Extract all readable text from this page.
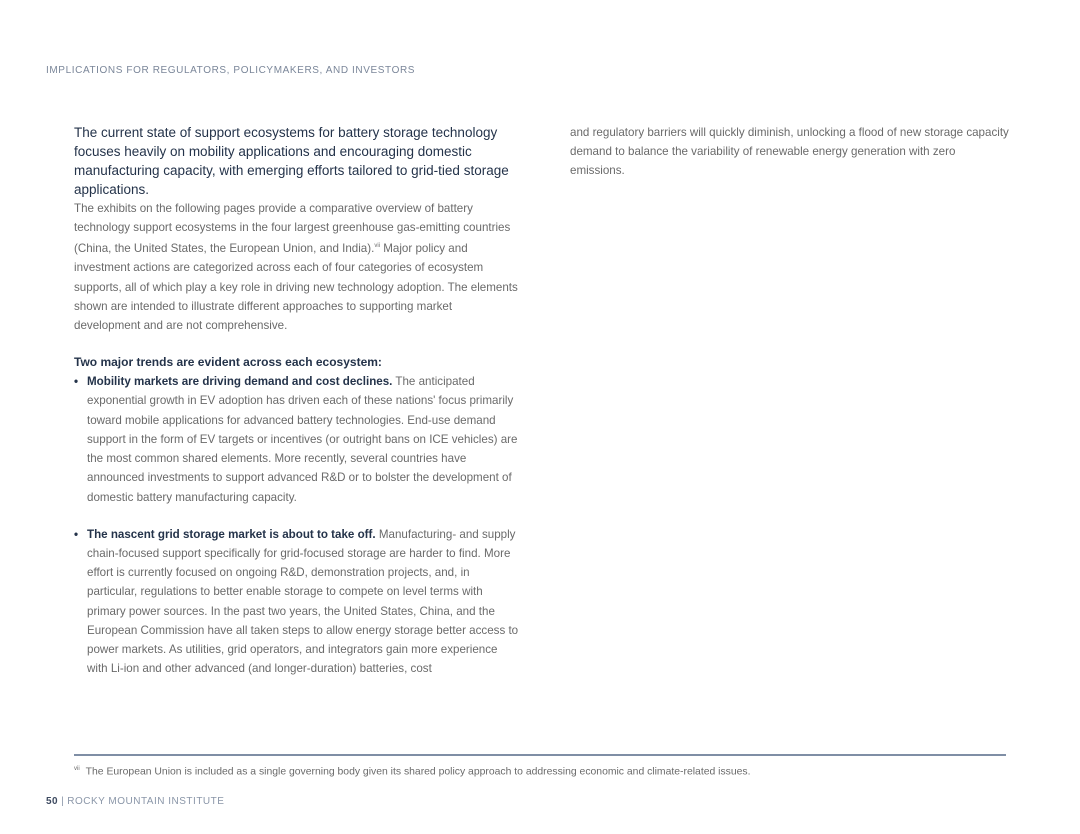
IMPLICATIONS FOR REGULATORS, POLICYMAKERS, AND INVESTORS

The current state of support ecosystems for battery storage technology focuses heavily on mobility applications and encouraging domestic manufacturing capacity, with emerging efforts tailored to grid-tied storage applications.

The exhibits on the following pages provide a comparative overview of battery technology support ecosystems in the four largest greenhouse gas-emitting countries (China, the United States, the European Union, and India).$^{vii}$ Major policy and investment actions are categorized across each of four categories of ecosystem supports, all of which play a key role in driving new technology adoption. The elements shown are intended to illustrate different approaches to supporting market development and are not comprehensive.

Two major trends are evident across each ecosystem:

• Mobility markets are driving demand and cost declines. The anticipated exponential growth in EV adoption has driven each of these nations' focus primarily toward mobile applications for advanced battery technologies. End-use demand support in the form of EV targets or incentives (or outright bans on ICE vehicles) are the most common shared elements. More recently, several countries have announced investments to support advanced R&D or to bolster the development of domestic battery manufacturing capacity.
• The nascent grid storage market is about to take off. Manufacturing- and supply chain-focused support specifically for grid-focused storage are harder to find. More effort is currently focused on ongoing R&D, demonstration projects, and, in particular, regulations to better enable storage to compete on level terms with primary power sources. In the past two years, the United States, China, and the European Commission have all taken steps to allow energy storage better access to power markets. As utilities, grid operators, and integrators gain more experience with Li-ion and other advanced (and longer-duration) batteries, cost

and regulatory barriers will quickly diminish, unlocking a flood of new storage capacity demand to balance the variability of renewable energy generation with zero emissions.

$^{vii}$ The European Union is included as a single governing body given its shared policy approach to addressing economic and climate-related issues.
50 | ROCKY MOUNTAIN INSTITUTE
